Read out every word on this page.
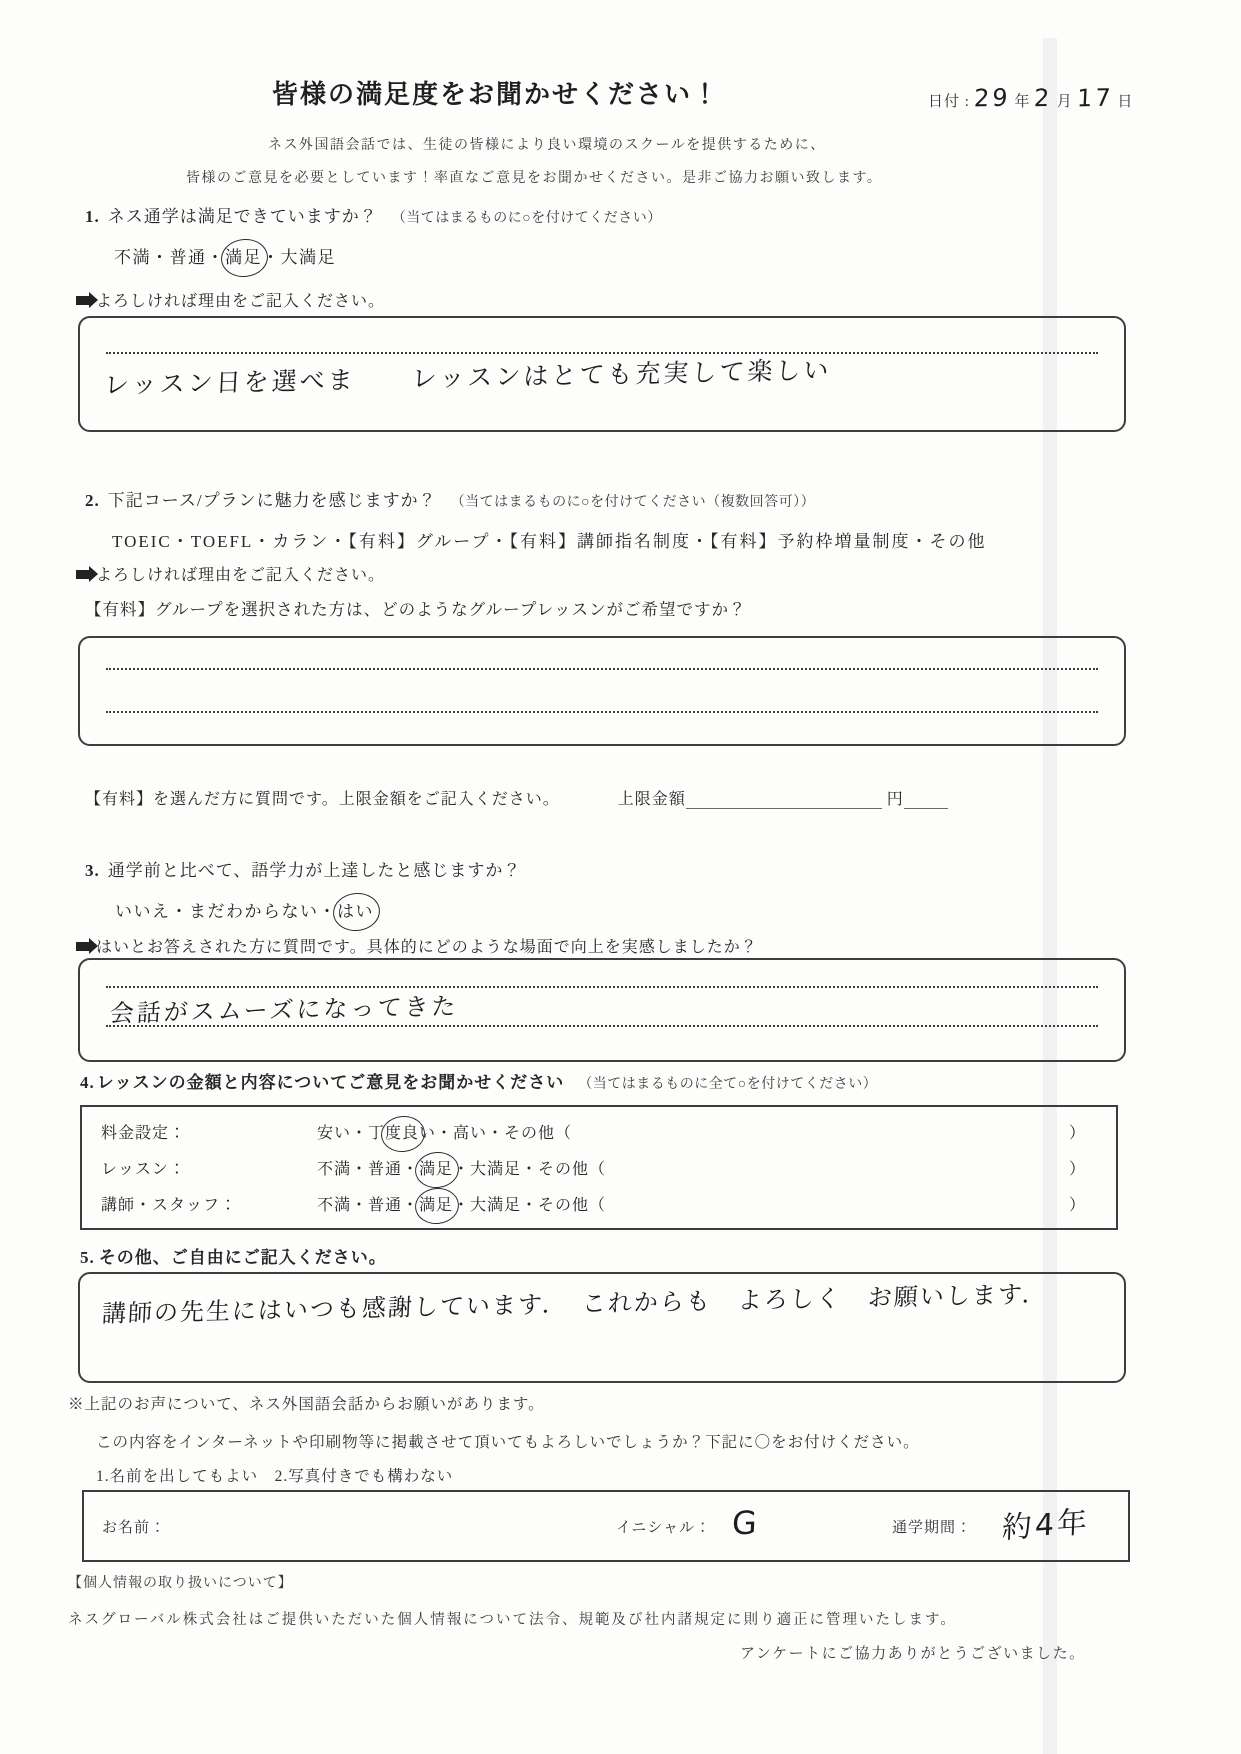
皆様の満足度をお聞かせください！	日付 : 29 年 2 月 17 日
ネス外国語会話では、生徒の皆様により良い環境のスクールを提供するために、
皆様のご意見を必要としています！率直なご意見をお聞かせください。是非ご協力お願い致します。
1. ネス通学は満足できていますか？ （当てはまるものに○を付けてください）
不満・普通・満足・大満足
よろしければ理由をご記入ください。
レッスン日を選べま　　レッスンはとても充実して楽しい
2. 下記コース/プランに魅力を感じますか？ （当てはまるものに○を付けてください（複数回答可））
TOEIC・TOEFL・カラン・【有料】グループ・【有料】講師指名制度・【有料】予約枠増量制度・その他
よろしければ理由をご記入ください。
【有料】グループを選択された方は、どのようなグループレッスンがご希望ですか？
【有料】を選んだ方に質問です。上限金額をご記入ください。	上限金額	円
3. 通学前と比べて、語学力が上達したと感じますか？
いいえ・まだわからない・はい
はいとお答えされた方に質問です。具体的にどのような場面で向上を実感しましたか？
会話がスムーズになってきた
4. レッスンの金額と内容についてご意見をお聞かせください （当てはまるものに全て○を付けてください）
料金設定：	安い・丁度良い・高い・その他（	）
レッスン：	不満・普通・満足・大満足・その他（	）
講師・スタッフ：	不満・普通・満足・大満足・その他（	）
5. その他、ご自由にご記入ください。
講師の先生にはいつも感謝しています．　これからも　よろしく　お願いします．
※上記のお声について、ネス外国語会話からお願いがあります。
この内容をインターネットや印刷物等に掲載させて頂いてもよろしいでしょうか？下記に〇をお付けください。
1.名前を出してもよい　2.写真付きでも構わない
お名前：	イニシャル： G	通学期間： 約4年
【個人情報の取り扱いについて】
ネスグローバル株式会社はご提供いただいた個人情報について法令、規範及び社内諸規定に則り適正に管理いたします。
アンケートにご協力ありがとうございました。
